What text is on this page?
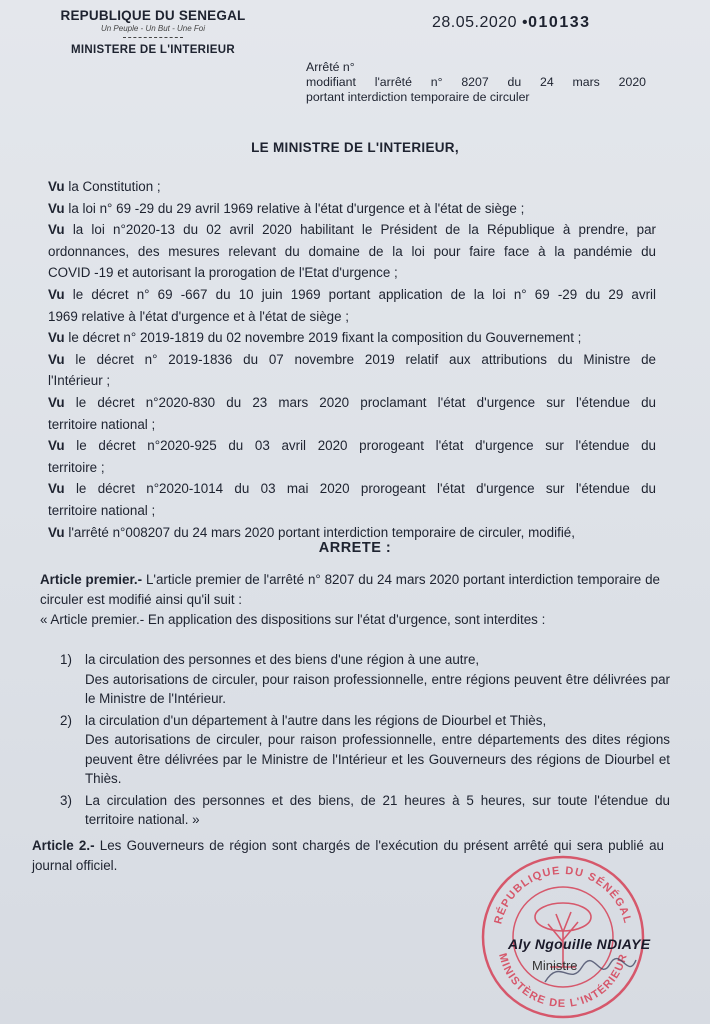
REPUBLIQUE DU SENEGAL
Un Peuple - Un But - Une Foi
MINISTERE DE L'INTERIEUR
28.05.2020 •010133
Arrêté n°
modifiant l'arrêté n° 8207 du 24 mars 2020
portant interdiction temporaire de circuler
LE MINISTRE DE L'INTERIEUR,
Vu la Constitution ;
Vu la loi n° 69 -29 du 29 avril 1969 relative à l'état d'urgence et à l'état de siège ;
Vu la loi n°2020-13 du 02 avril 2020 habilitant le Président de la République à prendre, par
ordonnances, des mesures relevant du domaine de la loi pour faire face à la pandémie du
COVID -19 et autorisant la prorogation de l'Etat d'urgence ;
Vu le décret n° 69 -667 du 10 juin 1969 portant application de la loi n° 69 -29 du 29 avril
1969 relative à l'état d'urgence et à l'état de siège ;
Vu le décret n° 2019-1819 du 02 novembre 2019 fixant la composition du Gouvernement ;
Vu le décret n° 2019-1836 du 07 novembre 2019 relatif aux attributions du Ministre de
l'Intérieur ;
Vu le décret n°2020-830 du 23 mars 2020 proclamant l'état d'urgence sur l'étendue du
territoire national ;
Vu le décret n°2020-925 du 03 avril 2020 prorogeant l'état d'urgence sur l'étendue du
territoire ;
Vu le décret n°2020-1014 du 03 mai 2020 prorogeant l'état d'urgence sur l'étendue du
territoire national ;
Vu l'arrêté n°008207 du 24 mars 2020 portant interdiction temporaire de circuler, modifié,
ARRETE :
Article premier.- L'article premier de l'arrêté n° 8207 du 24 mars 2020 portant interdiction temporaire de circuler est modifié ainsi qu'il suit :
« Article premier.- En application des dispositions sur l'état d'urgence, sont interdites :
1) la circulation des personnes et des biens d'une région à une autre,
Des autorisations de circuler, pour raison professionnelle, entre régions peuvent être délivrées par le Ministre de l'Intérieur.
2) la circulation d'un département à l'autre dans les régions de Diourbel et Thiès,
Des autorisations de circuler, pour raison professionnelle, entre départements des dites régions peuvent être délivrées par le Ministre de l'Intérieur et les Gouverneurs des régions de Diourbel et Thiès.
3) La circulation des personnes et des biens, de 21 heures à 5 heures, sur toute l'étendue du territoire national. »
Article 2.- Les Gouverneurs de région sont chargés de l'exécution du présent arrêté qui sera publié au journal officiel.
RÉPUBLIQUE DU SÉNÉGAL
MINISTÈRE DE L'INTÉRIEUR
Aly Ngouille NDIAYE
Ministre
